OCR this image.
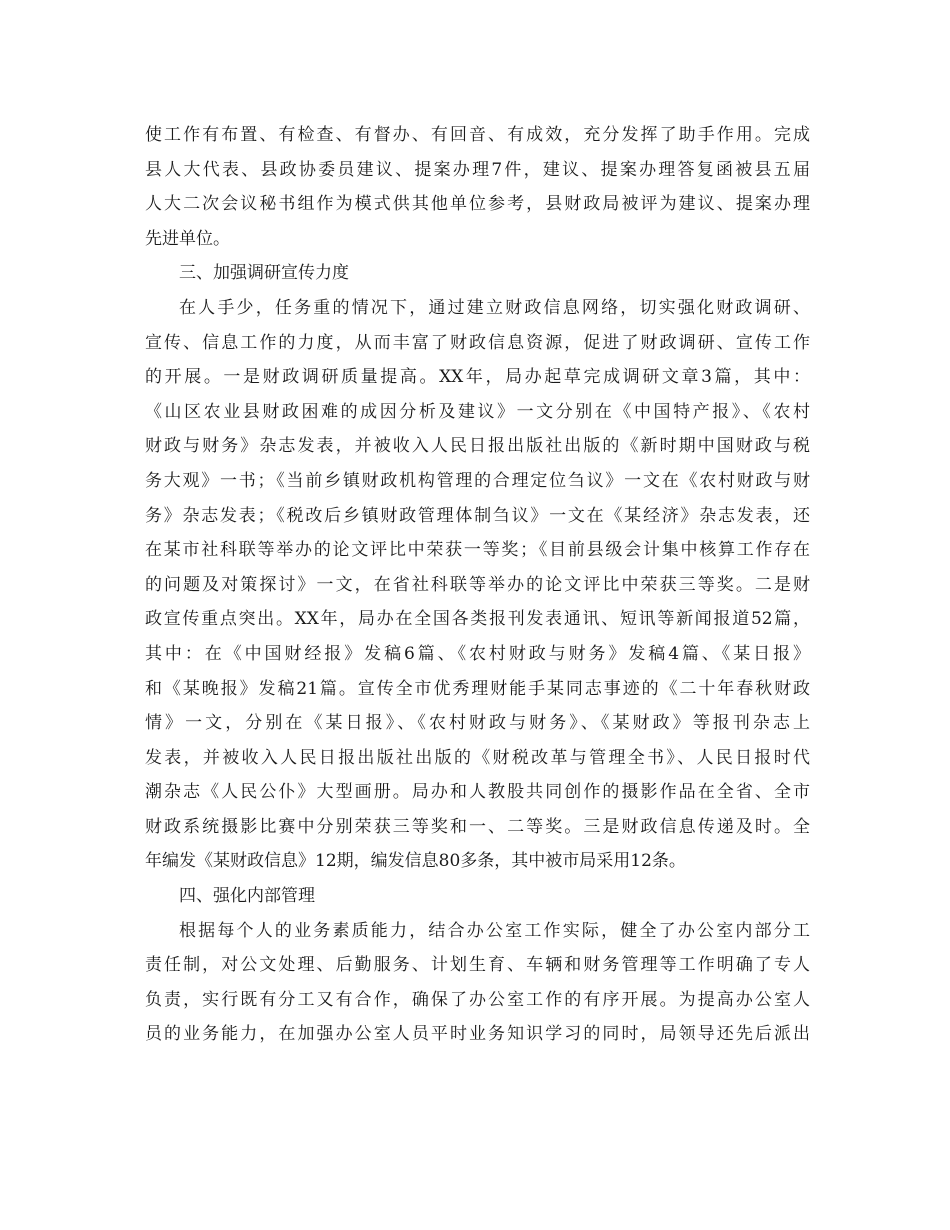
使工作有布置、有检查、有督办、有回音、有成效，充分发挥了助手作用。完成
县人大代表、县政协委员建议、提案办理7件，建议、提案办理答复函被县五届
人大二次会议秘书组作为模式供其他单位参考，县财政局被评为建议、提案办理
先进单位。
三、加强调研宣传力度
在人手少，任务重的情况下，通过建立财政信息网络，切实强化财政调研、
宣传、信息工作的力度，从而丰富了财政信息资源，促进了财政调研、宣传工作
的开展。一是财政调研质量提高。XX年，局办起草完成调研文章3篇，其中：
《山区农业县财政困难的成因分析及建议》一文分别在《中国特产报》、《农村
财政与财务》杂志发表，并被收入人民日报出版社出版的《新时期中国财政与税
务大观》一书；《当前乡镇财政机构管理的合理定位刍议》一文在《农村财政与财
务》杂志发表；《税改后乡镇财政管理体制刍议》一文在《某经济》杂志发表，还
在某市社科联等举办的论文评比中荣获一等奖；《目前县级会计集中核算工作存在
的问题及对策探讨》一文，在省社科联等举办的论文评比中荣获三等奖。二是财
政宣传重点突出。XX年，局办在全国各类报刊发表通讯、短讯等新闻报道52篇，
其中：在《中国财经报》发稿6篇、《农村财政与财务》发稿4篇、《某日报》
和《某晚报》发稿21篇。宣传全市优秀理财能手某同志事迹的《二十年春秋财政
情》一文，分别在《某日报》、《农村财政与财务》、《某财政》等报刊杂志上
发表，并被收入人民日报出版社出版的《财税改革与管理全书》、人民日报时代
潮杂志《人民公仆》大型画册。局办和人教股共同创作的摄影作品在全省、全市
财政系统摄影比赛中分别荣获三等奖和一、二等奖。三是财政信息传递及时。全
年编发《某财政信息》12期，编发信息80多条，其中被市局采用12条。
四、强化内部管理
根据每个人的业务素质能力，结合办公室工作实际，健全了办公室内部分工
责任制，对公文处理、后勤服务、计划生育、车辆和财务管理等工作明确了专人
负责，实行既有分工又有合作，确保了办公室工作的有序开展。为提高办公室人
员的业务能力，在加强办公室人员平时业务知识学习的同时，局领导还先后派出
